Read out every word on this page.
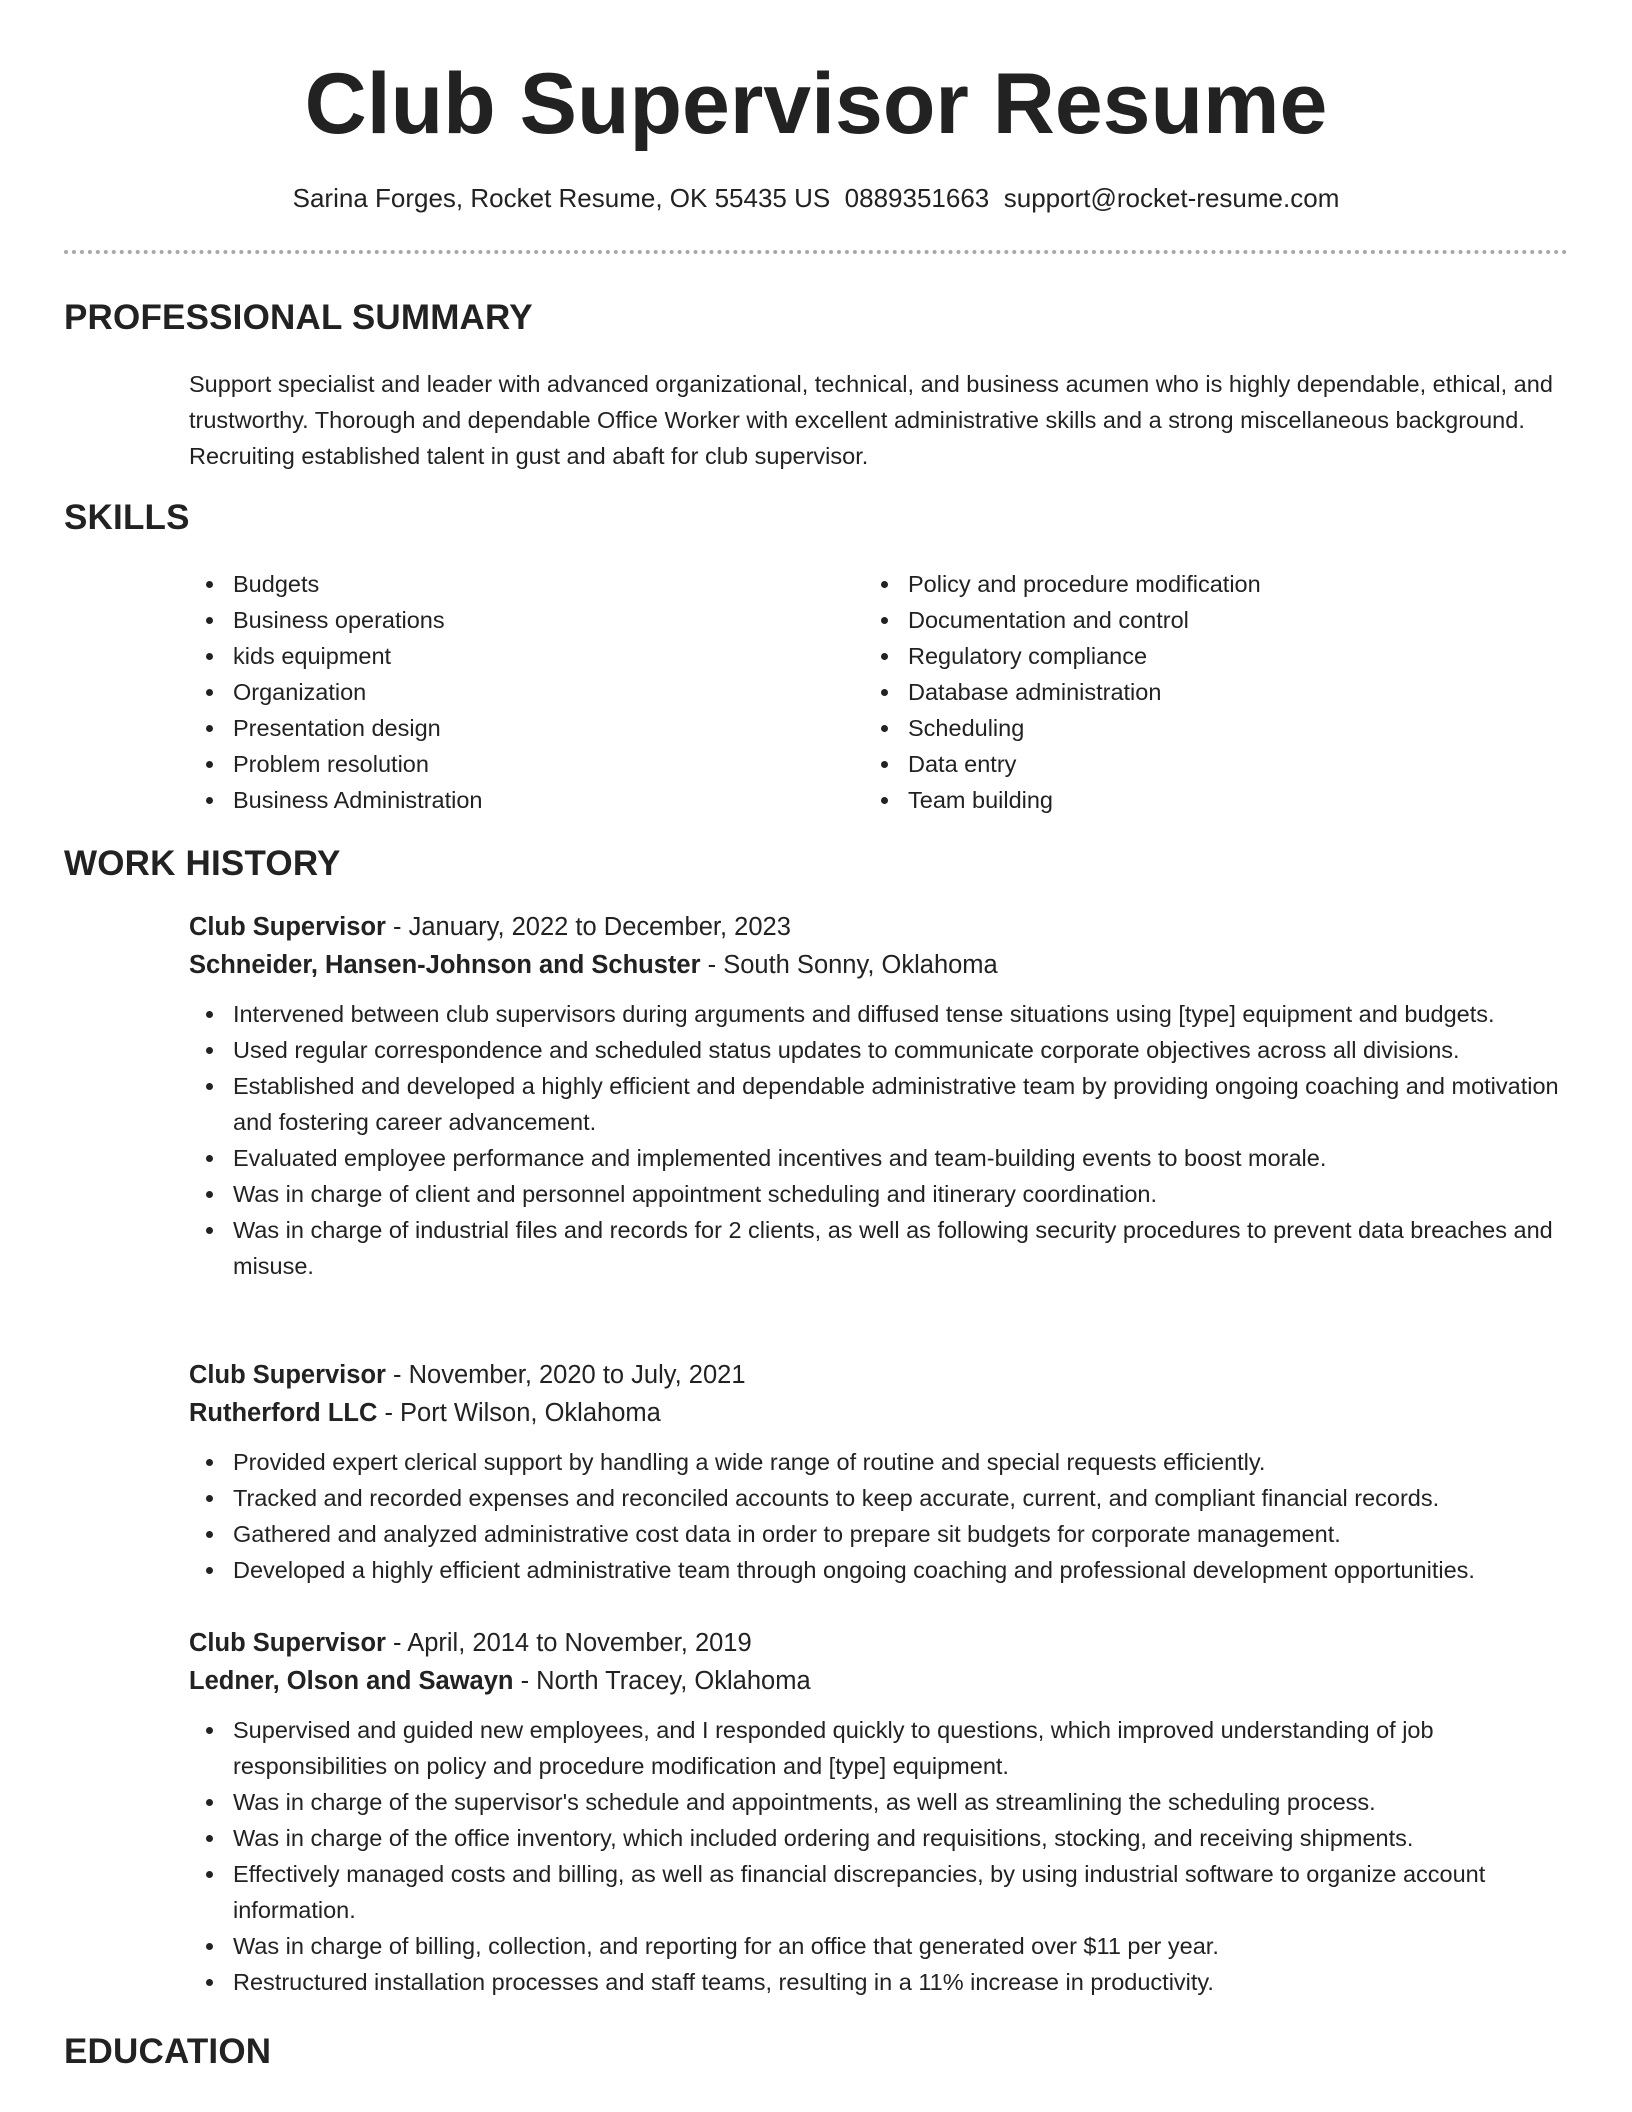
Club Supervisor Resume
Sarina Forges, Rocket Resume, OK 55435 US 0889351663 support@rocket-resume.com
PROFESSIONAL SUMMARY

Support specialist and leader with advanced organizational, technical, and business acumen who is highly dependable, ethical, and trustworthy. Thorough and dependable Office Worker with excellent administrative skills and a strong miscellaneous background. Recruiting established talent in gust and abaft for club supervisor.

SKILLS
Budgets
Business operations
kids equipment
Organization
Presentation design
Problem resolution
Business Administration
Policy and procedure modification
Documentation and control
Regulatory compliance
Database administration
Scheduling
Data entry
Team building
WORK HISTORY
Club Supervisor - January, 2022 to December, 2023
Schneider, Hansen-Johnson and Schuster - South Sonny, Oklahoma
Intervened between club supervisors during arguments and diffused tense situations using [type] equipment and budgets.
Used regular correspondence and scheduled status updates to communicate corporate objectives across all divisions.
Established and developed a highly efficient and dependable administrative team by providing ongoing coaching and motivation and fostering career advancement.
Evaluated employee performance and implemented incentives and team-building events to boost morale.
Was in charge of client and personnel appointment scheduling and itinerary coordination.
Was in charge of industrial files and records for 2 clients, as well as following security procedures to prevent data breaches and misuse.
Club Supervisor - November, 2020 to July, 2021
Rutherford LLC - Port Wilson, Oklahoma
Provided expert clerical support by handling a wide range of routine and special requests efficiently.
Tracked and recorded expenses and reconciled accounts to keep accurate, current, and compliant financial records.
Gathered and analyzed administrative cost data in order to prepare sit budgets for corporate management.
Developed a highly efficient administrative team through ongoing coaching and professional development opportunities.
Club Supervisor - April, 2014 to November, 2019
Ledner, Olson and Sawayn - North Tracey, Oklahoma
Supervised and guided new employees, and I responded quickly to questions, which improved understanding of job responsibilities on policy and procedure modification and [type] equipment.
Was in charge of the supervisor's schedule and appointments, as well as streamlining the scheduling process.
Was in charge of the office inventory, which included ordering and requisitions, stocking, and receiving shipments.
Effectively managed costs and billing, as well as financial discrepancies, by using industrial software to organize account information.
Was in charge of billing, collection, and reporting for an office that generated over $11 per year.
Restructured installation processes and staff teams, resulting in a 11% increase in productivity.
EDUCATION
